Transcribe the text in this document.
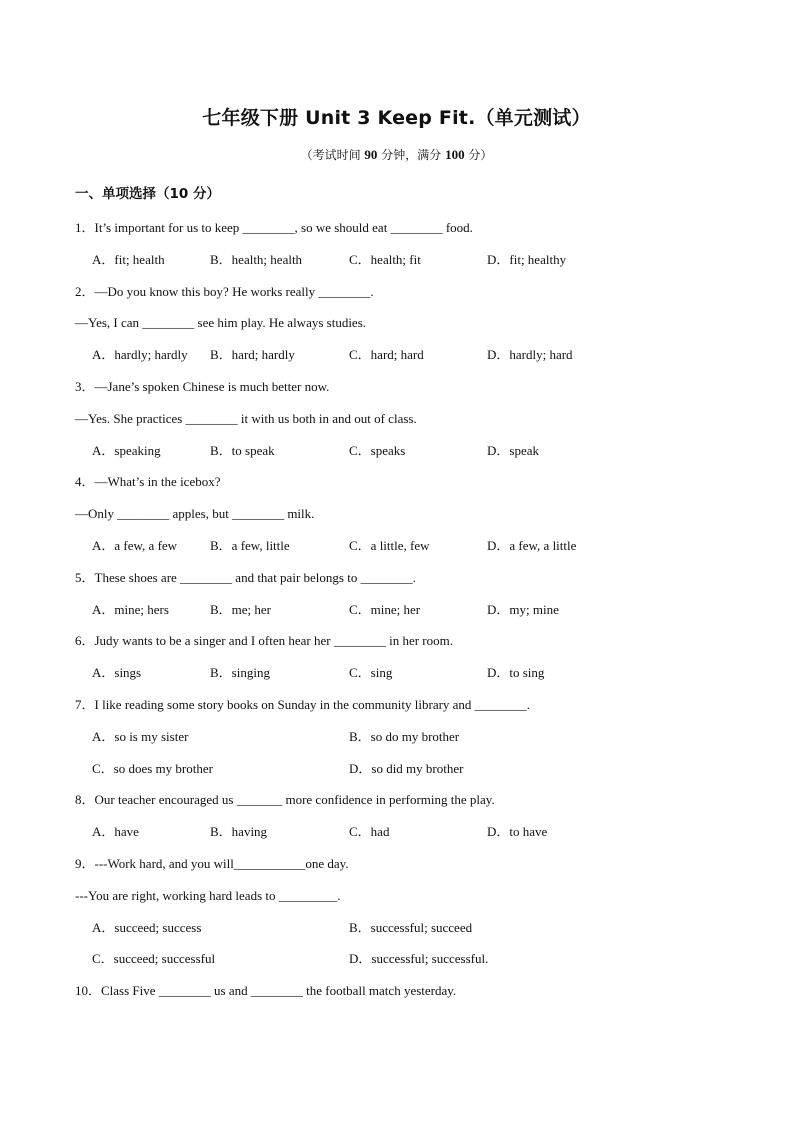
七年级下册 Unit 3 Keep Fit.（单元测试）
（考试时间 90 分钟，满分 100 分）
一、单项选择（10 分）
1．It’s important for us to keep ________, so we should eat ________ food.
A．fit; health	B．health; health	C．health; fit	D．fit; healthy
2．—Do you know this boy? He works really ________.
—Yes, I can ________ see him play. He always studies.
A．hardly; hardly B．hard; hardly	C．hard; hard	D．hardly; hard
3．—Jane’s spoken Chinese is much better now.
—Yes. She practices ________ it with us both in and out of class.
A．speaking	B．to speak	C．speaks	D．speak
4．—What’s in the icebox?
—Only ________ apples, but ________ milk.
A．a few, a few	B．a few, little	C．a little, few	D．a few, a little
5．These shoes are ________ and that pair belongs to ________.
A．mine; hers	B．me; her	C．mine; her	D．my; mine
6．Judy wants to be a singer and I often hear her ________ in her room.
A．sings	B．singing	C．sing	D．to sing
7．I like reading some story books on Sunday in the community library and ________.
A．so is my sister	B．so do my brother
C．so does my brother	D．so did my brother
8．Our teacher encouraged us _______ more confidence in performing the play.
A．have	B．having	C．had	D．to have
9．---Work hard, and you will___________one day.
---You are right, working hard leads to _________.
A．succeed; success	B．successful; succeed
C．succeed; successful	D．successful; successful.
10．Class Five ________ us and ________ the football match yesterday.
